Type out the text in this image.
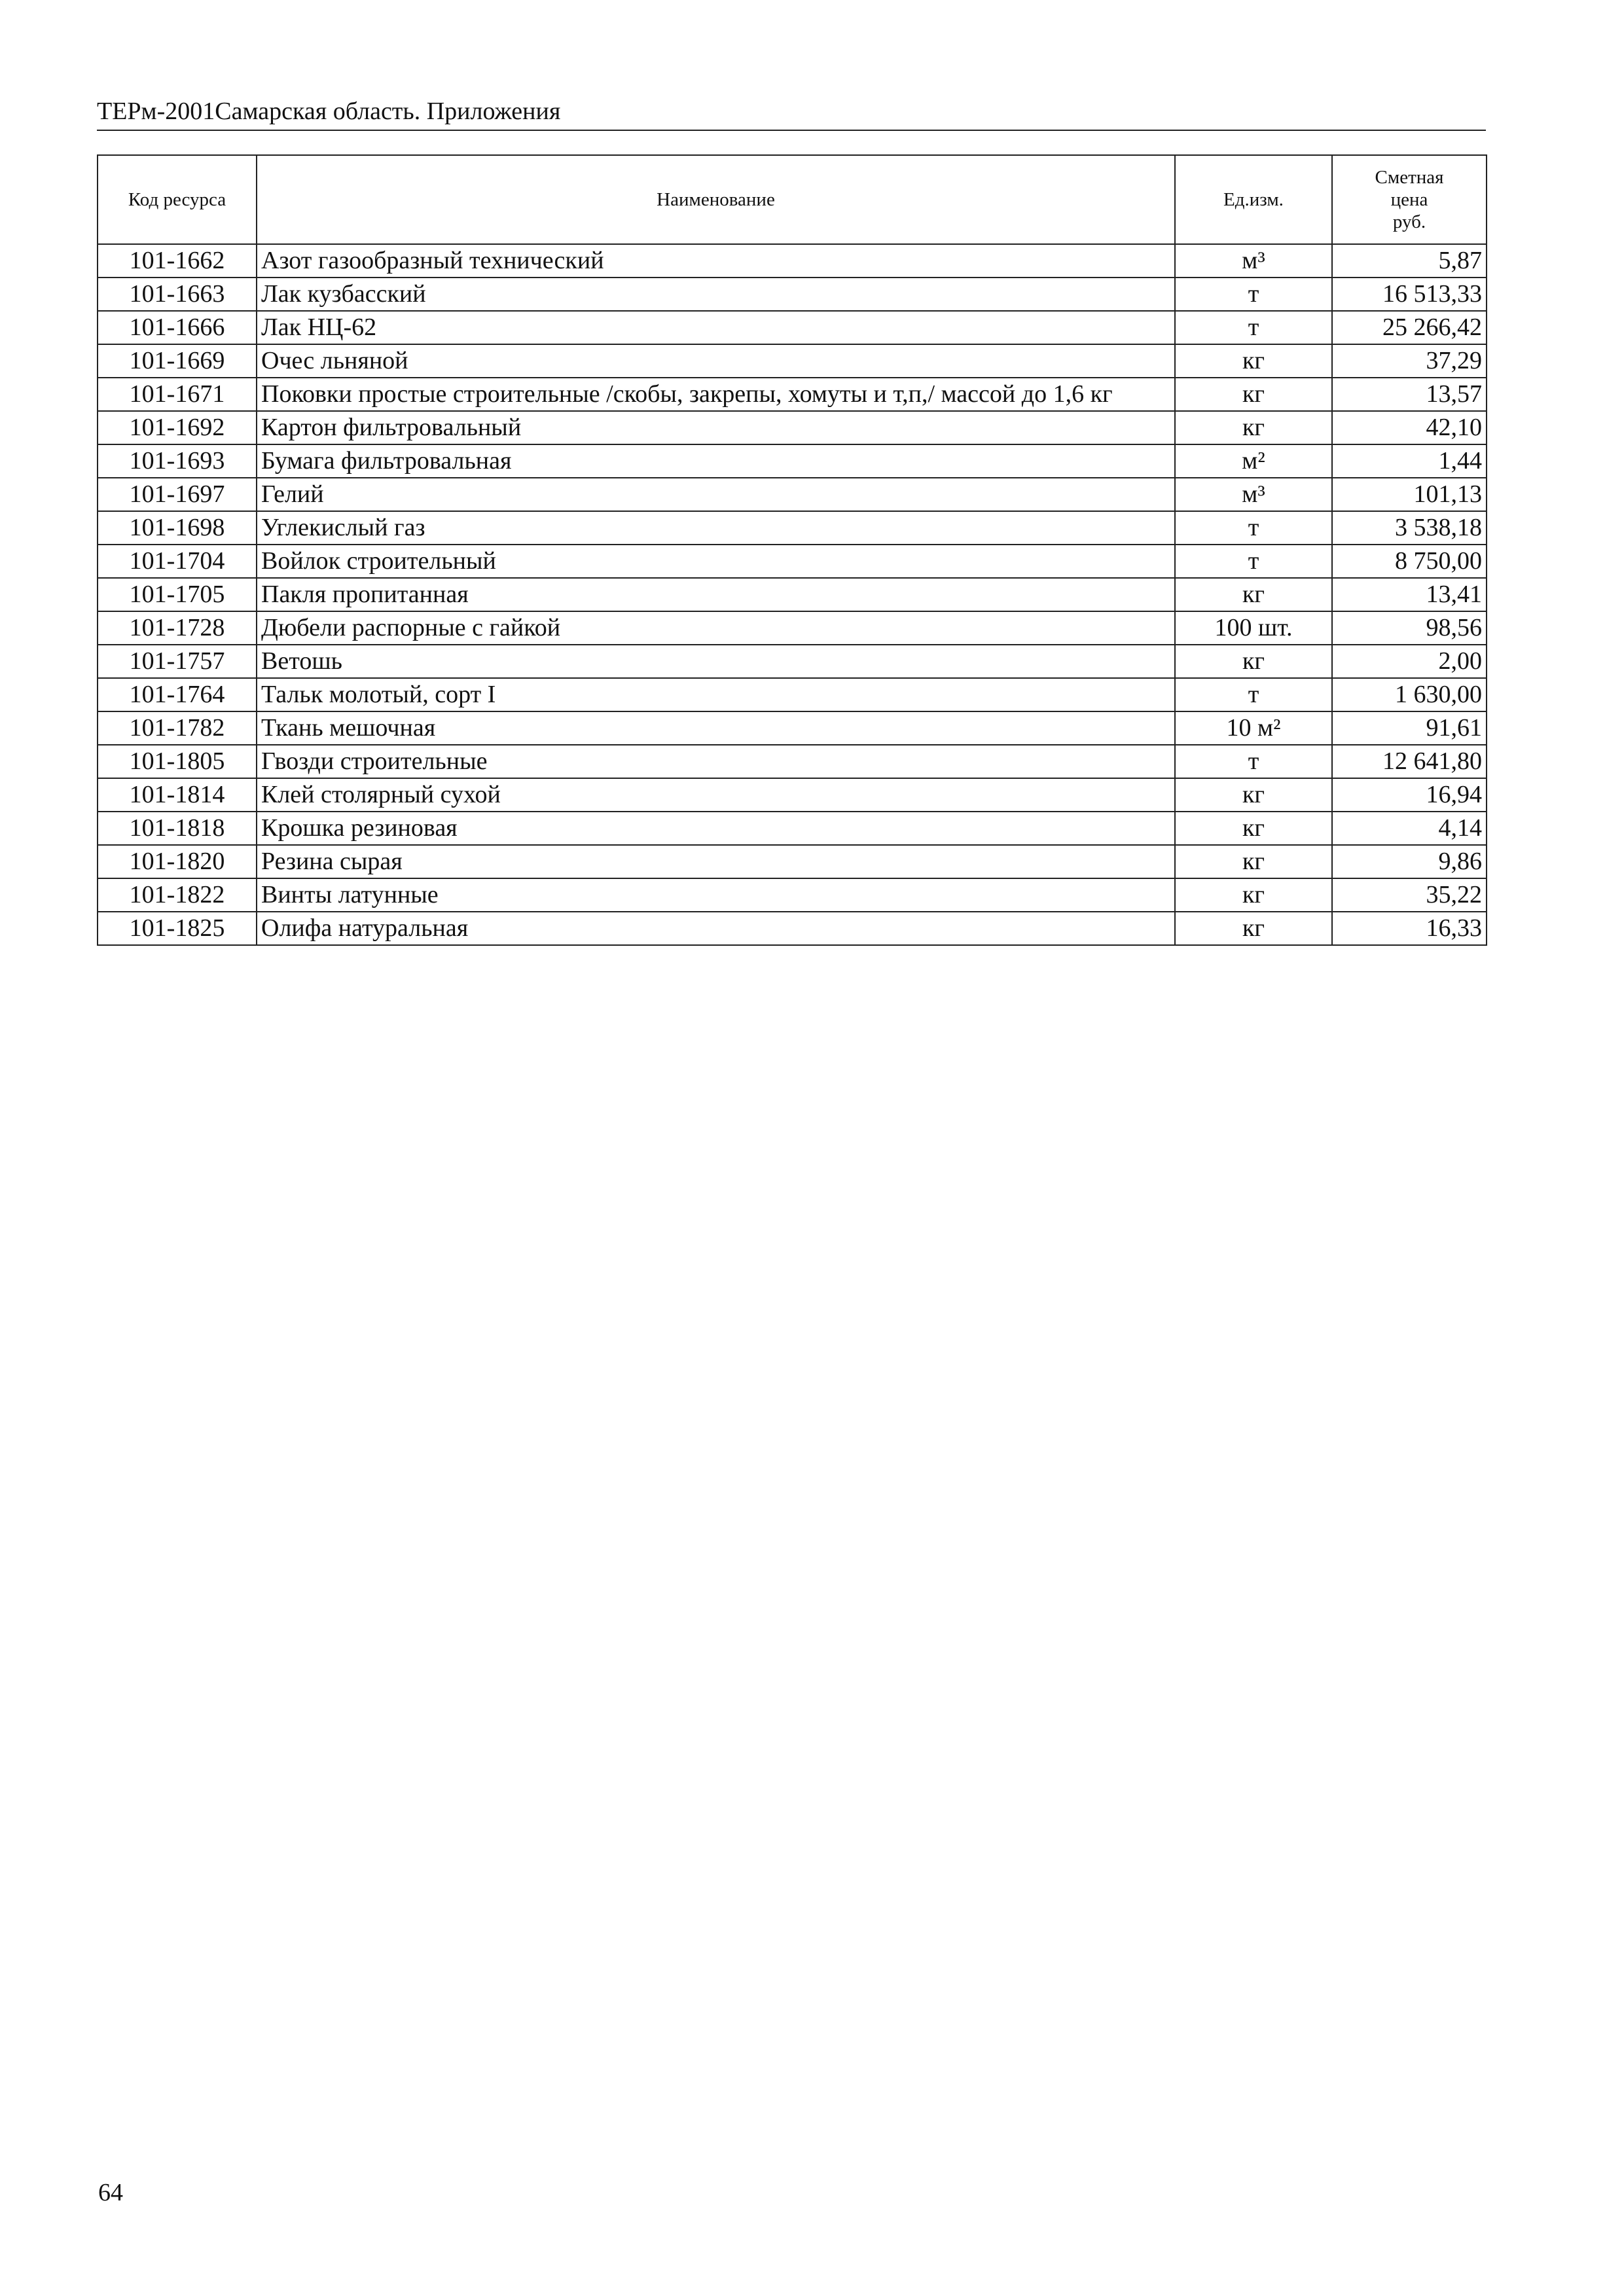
ТЕРм-2001Самарская область. Приложения
Код ресурса	Наименование	Ед.изм.	Сметная
цена
руб.

101-1662	Азот газообразный технический	м³	5,87
101-1663	Лак кузбасский	т	16 513,33
101-1666	Лак НЦ-62	т	25 266,42
101-1669	Очес льняной	кг	37,29
101-1671	Поковки простые строительные /скобы, закрепы, хомуты и т,п,/ массой до 1,6 кг	кг	13,57
101-1692	Картон фильтровальный	кг	42,10
101-1693	Бумага фильтровальная	м²	1,44
101-1697	Гелий	м³	101,13
101-1698	Углекислый газ	т	3 538,18
101-1704	Войлок строительный	т	8 750,00
101-1705	Пакля пропитанная	кг	13,41
101-1728	Дюбели распорные с гайкой	100 шт.	98,56
101-1757	Ветошь	кг	2,00
101-1764	Тальк молотый, сорт I	т	1 630,00
101-1782	Ткань мешочная	10 м²	91,61
101-1805	Гвозди строительные	т	12 641,80
101-1814	Клей столярный сухой	кг	16,94
101-1818	Крошка резиновая	кг	4,14
101-1820	Резина сырая	кг	9,86
101-1822	Винты латунные	кг	35,22
101-1825	Олифа натуральная	кг	16,33
64
